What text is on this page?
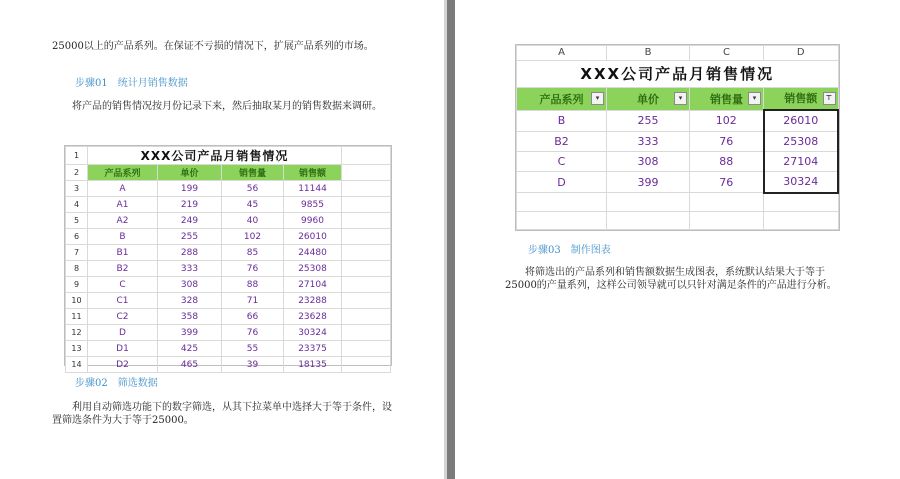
25000以上的产品系列。在保证不亏损的情况下，扩展产品系列的市场。

步骤01 统计月销售数据

将产品的销售情况按月份记录下来，然后抽取某月的销售数据来调研。

1	XXX公司产品月销售情况				
2	产品系列	单价	销售量	销售额	
3	A	199	56	11144	
4	A1	219	45	9855	
5	A2	249	40	9960	
6	B	255	102	26010	
7	B1	288	85	24480	
8	B2	333	76	25308	
9	C	308	88	27104	
10	C1	328	71	23288	
11	C2	358	66	23628	
12	D	399	76	30324	
13	D1	425	55	23375	
14	D2	465	39	18135	

步骤02 筛选数据

利用自动筛选功能下的数字筛选，从其下拉菜单中选择大于等于条件，设置筛选条件为大于等于25000。

A	B	C	D
XXX公司产品月销售情况			
产品系列 ▾	单价 ▾	销售量 ▾	销售额 ⊤

B	255	102	26010
B2	333	76	25308
C	308	88	27104
D	399	76	30324

步骤03 制作图表

将筛选出的产品系列和销售额数据生成图表，系统默认结果大于等于25000的产量系列，这样公司领导就可以只针对满足条件的产品进行分析。
